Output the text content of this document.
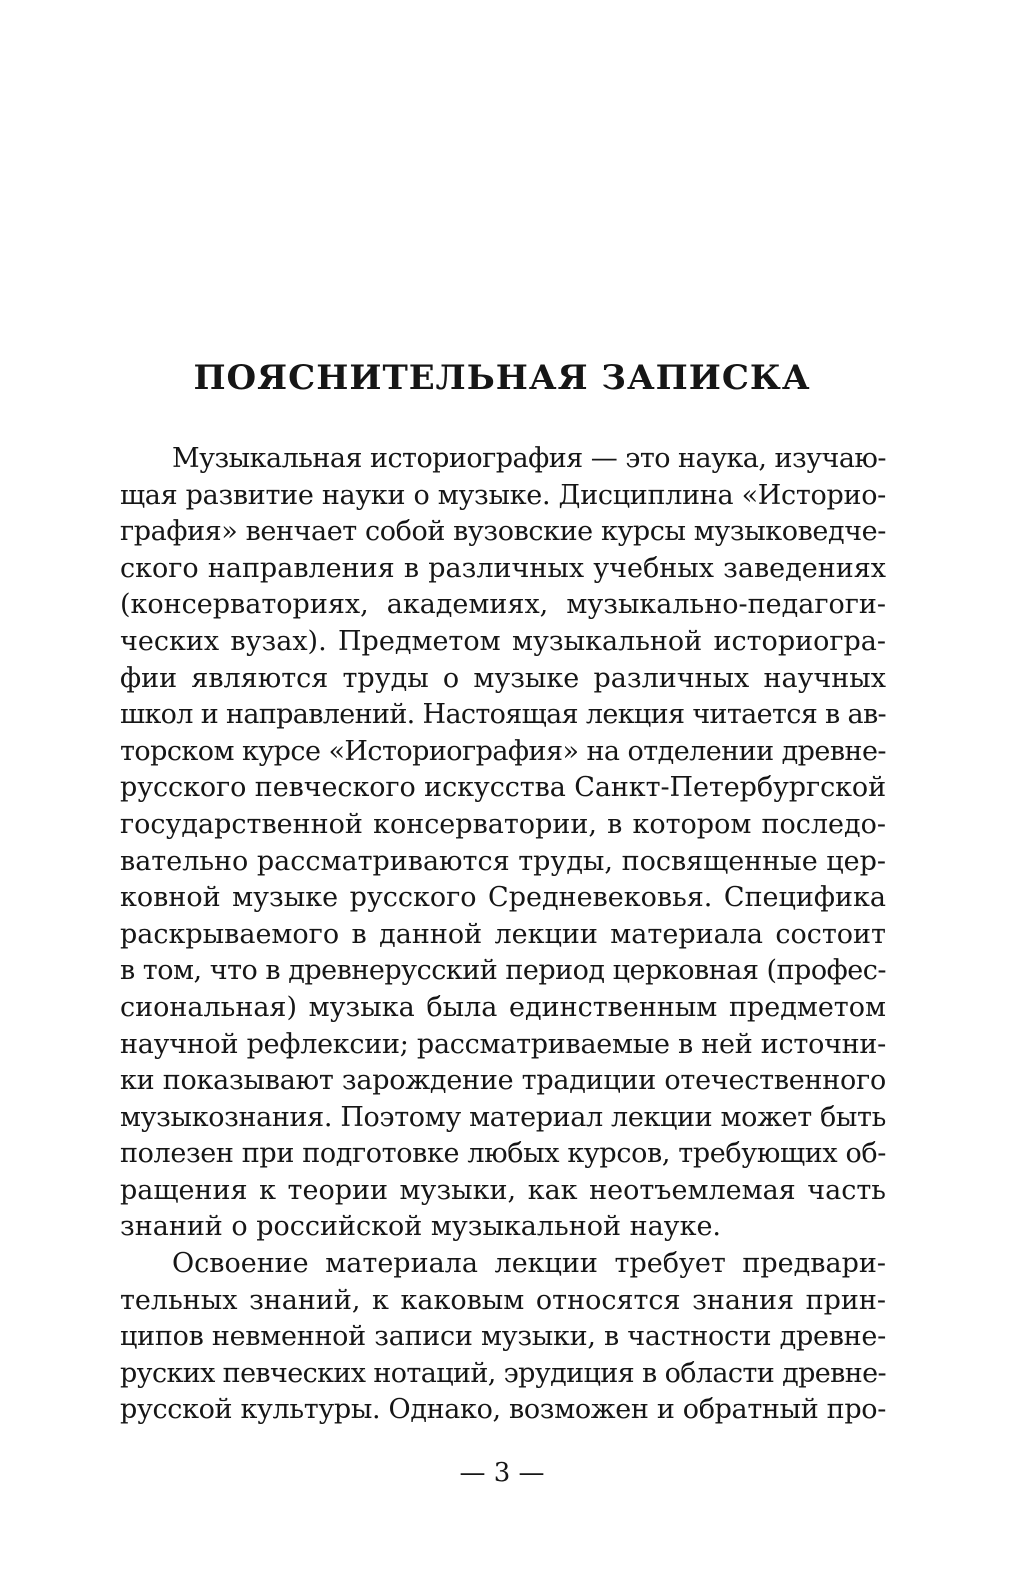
ПОЯСНИТЕЛЬНАЯ ЗАПИСКА
Музыкальная историография — это наука, изучаю-
щая развитие науки о музыке. Дисциплина «Историо-
графия» венчает собой вузовские курсы музыковедче-
ского направления в различных учебных заведениях
(консерваториях, академиях, музыкально-педагоги-
ческих вузах). Предметом музыкальной историогра-
фии являются труды о музыке различных научных
школ и направлений. Настоящая лекция читается в ав-
торском курсе «Историография» на отделении древне-
русского певческого искусства Санкт-Петербургской
государственной консерватории, в котором последо-
вательно рассматриваются труды, посвященные цер-
ковной музыке русского Средневековья. Специфика
раскрываемого в данной лекции материала состоит
в том, что в древнерусский период церковная (профес-
сиональная) музыка была единственным предметом
научной рефлексии; рассматриваемые в ней источни-
ки показывают зарождение традиции отечественного
музыкознания. Поэтому материал лекции может быть
полезен при подготовке любых курсов, требующих об-
ращения к теории музыки, как неотъемлемая часть
знаний о российской музыкальной науке.
Освоение материала лекции требует предвари-
тельных знаний, к каковым относятся знания прин-
ципов невменной записи музыки, в частности древне-
руских певческих нотаций, эрудиция в области древне-
русской культуры. Однако, возможен и обратный про-
— 3 —
